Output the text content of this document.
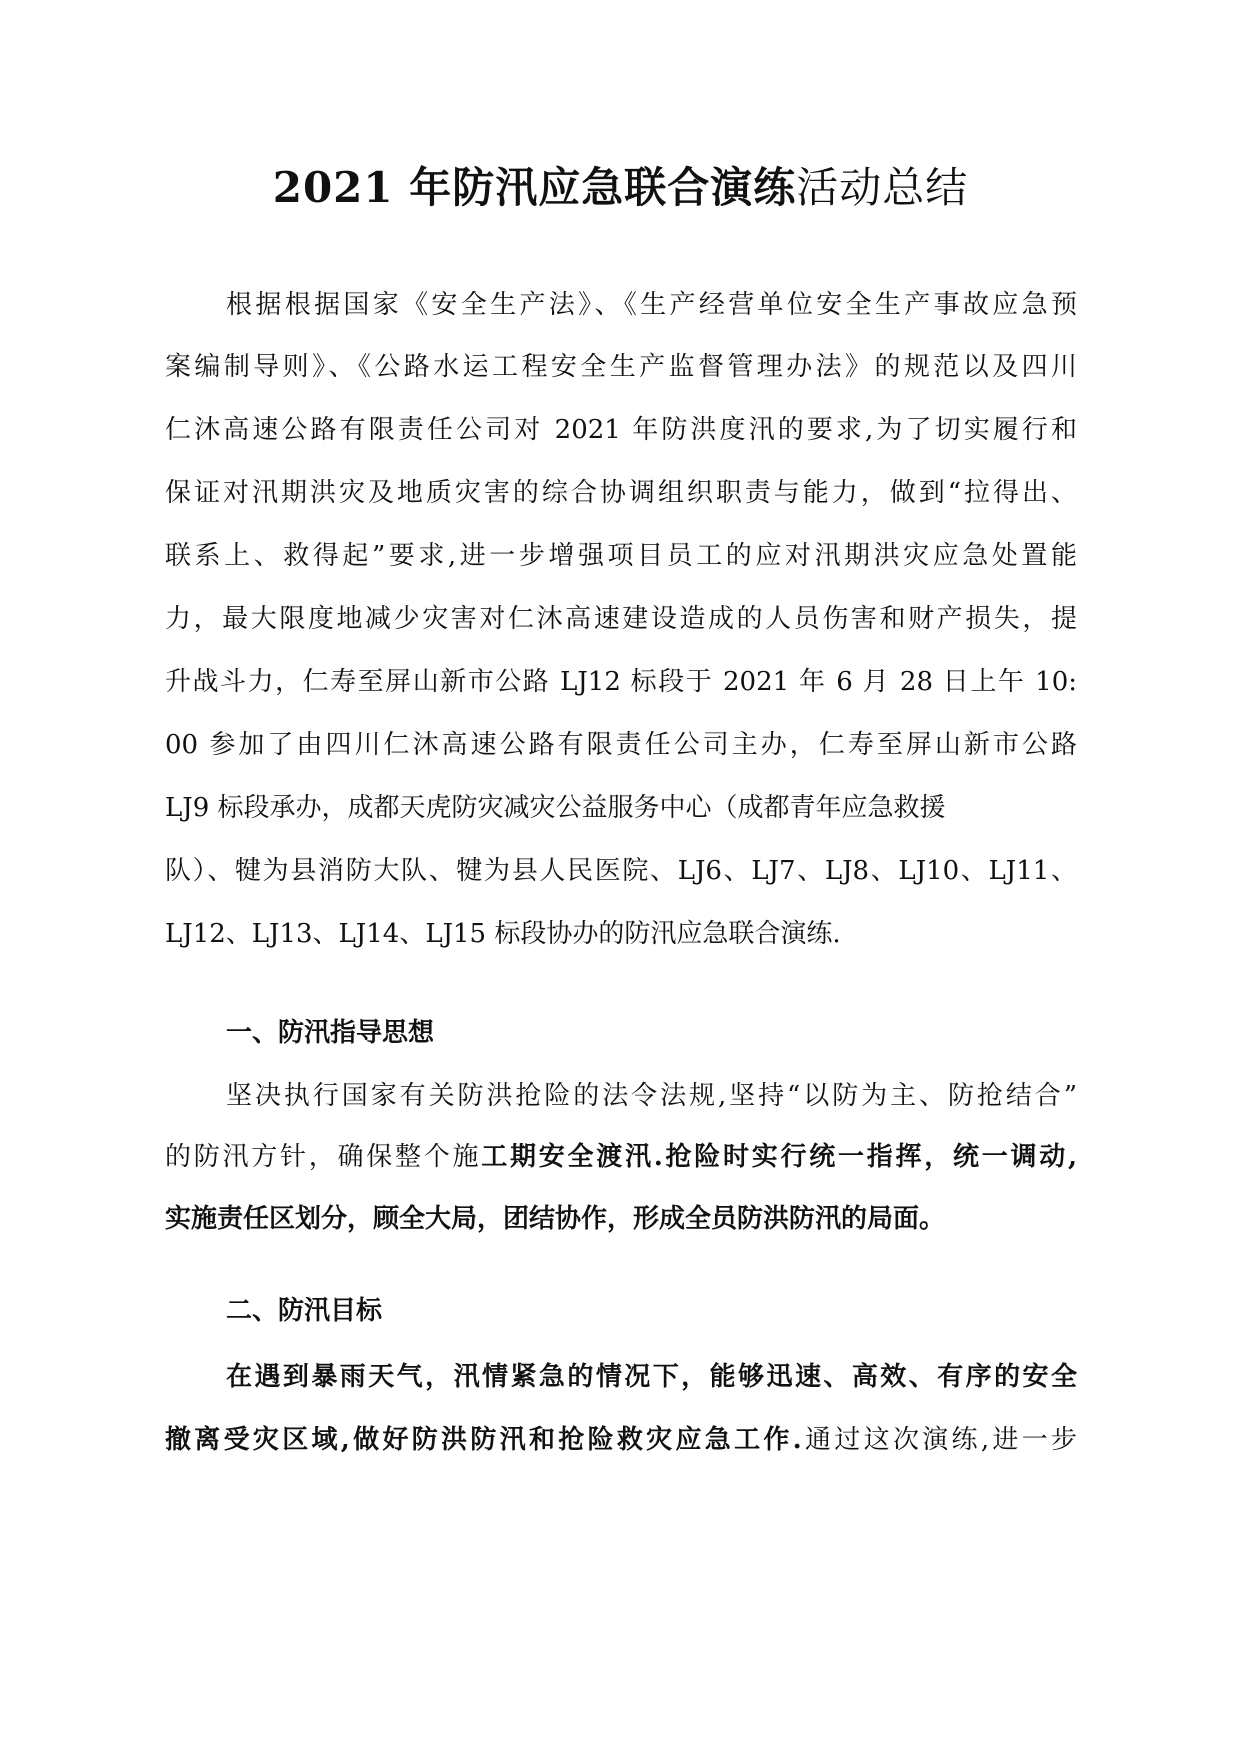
2021 年防汛应急联合演练活动总结
根据根据国家《安全生产法》、《生产经营单位安全生产事故应急预
案编制导则》、《公路水运工程安全生产监督管理办法》的规范以及四川
仁沐高速公路有限责任公司对 2021 年防洪度汛的要求,为了切实履行和
保证对汛期洪灾及地质灾害的综合协调组织职责与能力，做到“拉得出、
联系上、救得起”要求,进一步增强项目员工的应对汛期洪灾应急处置能
力，最大限度地减少灾害对仁沐高速建设造成的人员伤害和财产损失，提
升战斗力，仁寿至屏山新市公路 LJ12 标段于 2021 年 6 月 28 日上午 10:
00 参加了由四川仁沐高速公路有限责任公司主办，仁寿至屏山新市公路
LJ9 标段承办，成都天虎防灾减灾公益服务中心（成都青年应急救援
队）、犍为县消防大队、犍为县人民医院、LJ6、LJ7、LJ8、LJ10、LJ11、
LJ12、LJ13、LJ14、LJ15 标段协办的防汛应急联合演练.
一、防汛指导思想
坚决执行国家有关防洪抢险的法令法规,坚持“以防为主、防抢结合”
的防汛方针，确保整个施工期安全渡汛.抢险时实行统一指挥，统一调动,
实施责任区划分，顾全大局，团结协作，形成全员防洪防汛的局面。
二、防汛目标
在遇到暴雨天气，汛情紧急的情况下，能够迅速、高效、有序的安全
撤离受灾区域,做好防洪防汛和抢险救灾应急工作.通过这次演练,进一步
